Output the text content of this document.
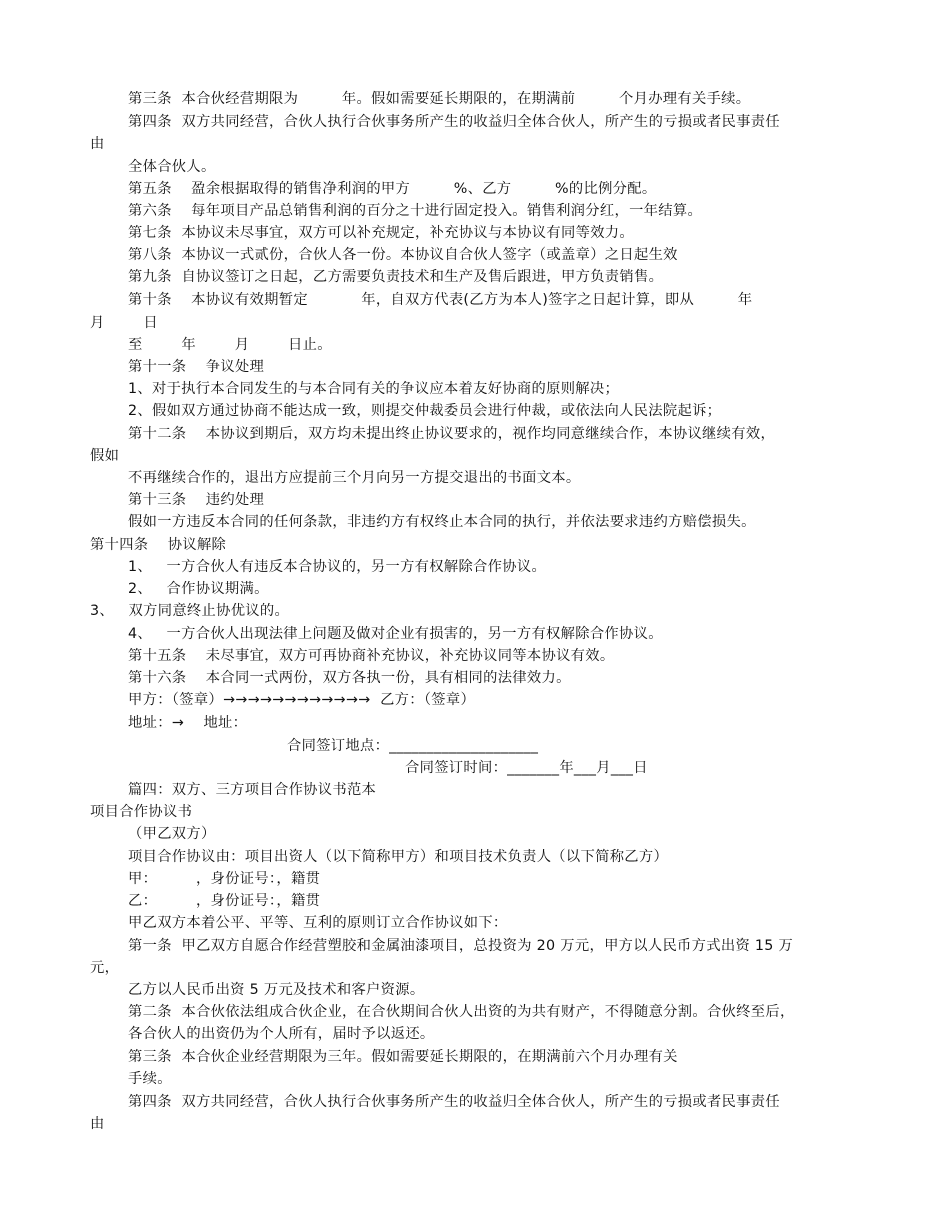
第三条  本合伙经营期限为         年。假如需要延长期限的，在期满前         个月办理有关手续。
第四条  双方共同经营，合伙人执行合伙事务所产生的收益归全体合伙人，所产生的亏损或者民事责任
由
全体合伙人。
第五条    盈余根据取得的销售净利润的甲方         %、乙方         %的比例分配。
第六条    每年项目产品总销售利润的百分之十进行固定投入。销售利润分红，一年结算。
第七条  本协议未尽事宜，双方可以补充规定，补充协议与本协议有同等效力。
第八条  本协议一式贰份，合伙人各一份。本协议自合伙人签字（或盖章）之日起生效
第九条  自协议签订之日起，乙方需要负责技术和生产及售后跟进，甲方负责销售。
第十条    本协议有效期暂定           年，自双方代表(乙方为本人)签字之日起计算，即从         年
月        日
至        年        月        日止。
第十一条    争议处理
1、对于执行本合同发生的与本合同有关的争议应本着友好协商的原则解决；
2、假如双方通过协商不能达成一致，则提交仲裁委员会进行仲裁，或依法向人民法院起诉；
第十二条    本协议到期后，双方均未提出终止协议要求的，视作均同意继续合作，本协议继续有效，
假如
不再继续合作的，退出方应提前三个月向另一方提交退出的书面文本。
第十三条    违约处理
假如一方违反本合同的任何条款，非违约方有权终止本合同的执行，并依法要求违约方赔偿损失。
第十四条    协议解除
1、   一方合伙人有违反本合协议的，另一方有权解除合作协议。
2、   合作协议期满。
3、   双方同意终止协优议的。
4、   一方合伙人出现法律上问题及做对企业有损害的，另一方有权解除合作协议。
第十五条    未尽事宜，双方可再协商补充协议，补充协议同等本协议有效。
第十六条    本合同一式两份，双方各执一份，具有相同的法律效力。
甲方：（签章）→→→→→→→→→→→→  乙方：（签章）
地址：→    地址：
合同签订地点：____________________
合同签订时间：_______年___月___日
篇四：双方、三方项目合作协议书范本
项目合作协议书
（甲乙双方）
项目合作协议由：项目出资人（以下简称甲方）和项目技术负责人（以下简称乙方）
甲：        ，身份证号：，籍贯
乙：        ，身份证号：，籍贯
甲乙双方本着公平、平等、互利的原则订立合作协议如下：
第一条  甲乙双方自愿合作经营塑胶和金属油漆项目，总投资为 20 万元，甲方以人民币方式出资 15 万
元，
乙方以人民币出资 5 万元及技术和客户资源。
第二条  本合伙依法组成合伙企业，在合伙期间合伙人出资的为共有财产，不得随意分割。合伙终至后，
各合伙人的出资仍为个人所有，届时予以返还。
第三条  本合伙企业经营期限为三年。假如需要延长期限的，在期满前六个月办理有关
手续。
第四条  双方共同经营，合伙人执行合伙事务所产生的收益归全体合伙人，所产生的亏损或者民事责任
由
